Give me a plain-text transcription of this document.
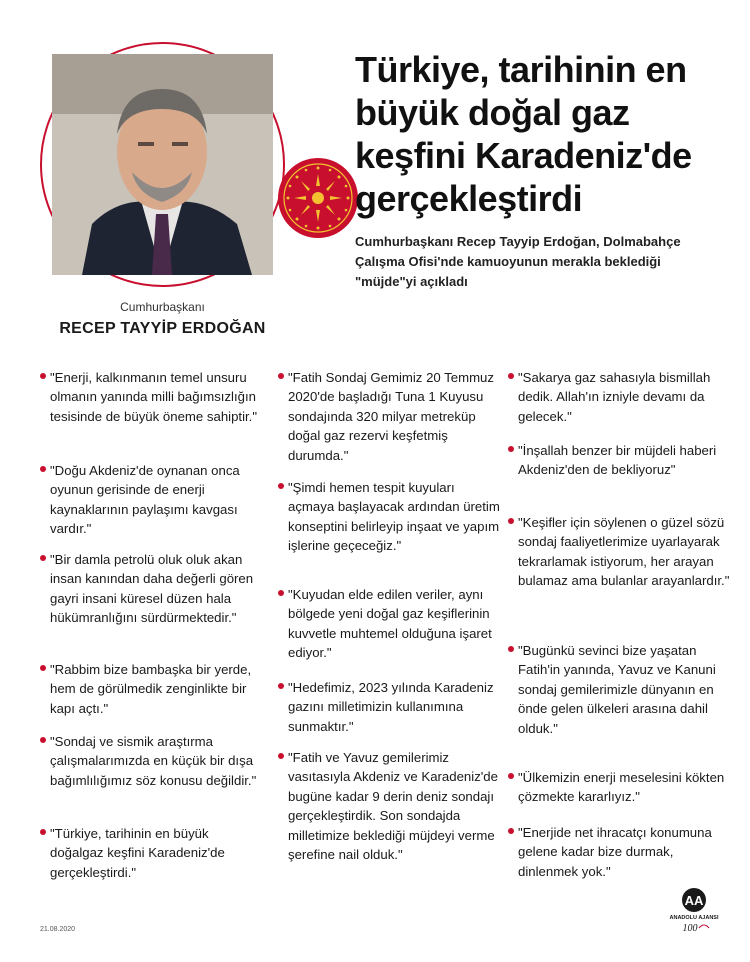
Cumhurbaşkanı
RECEP TAYYİP ERDOĞAN
Türkiye, tarihinin en büyük doğal gaz keşfini Karadeniz'de gerçekleştirdi

Cumhurbaşkanı Recep Tayyip Erdoğan, Dolmabahçe Çalışma Ofisi'nde kamuoyunun merakla beklediği "müjde"yi açıkladı

"Enerji, kalkınmanın temel unsuru olmanın yanında milli bağımsızlığın tesisinde de büyük öneme sahiptir."

"Doğu Akdeniz'de oynanan onca oyunun gerisinde de enerji kaynaklarının paylaşımı kavgası vardır."

"Bir damla petrolü oluk oluk akan insan kanından daha değerli gören gayri insani küresel düzen hala hükümranlığını sürdürmektedir."

"Rabbim bize bambaşka bir yerde, hem de görülmedik zenginlikte bir kapı açtı."

"Sondaj ve sismik araştırma çalışmalarımızda en küçük bir dışa bağımlılığımız söz konusu değildir."

"Türkiye, tarihinin en büyük doğalgaz keşfini Karadeniz'de gerçekleştirdi."

"Fatih Sondaj Gemimiz 20 Temmuz 2020'de başladığı Tuna 1 Kuyusu sondajında 320 milyar metreküp doğal gaz rezervi keşfetmiş durumda."

"Şimdi hemen tespit kuyuları açmaya başlayacak ardından üretim konseptini belirleyip inşaat ve yapım işlerine geçeceğiz."

"Kuyudan elde edilen veriler, aynı bölgede yeni doğal gaz keşiflerinin kuvvetle muhtemel olduğuna işaret ediyor."

"Hedefimiz, 2023 yılında Karadeniz gazını milletimizin kullanımına sunmaktır."

"Fatih ve Yavuz gemilerimiz vasıtasıyla Akdeniz ve Karadeniz'de bugüne kadar 9 derin deniz sondajı gerçekleştirdik. Son sondajda milletimize beklediği müjdeyi verme şerefine nail olduk."

"Sakarya gaz sahasıyla bismillah dedik. Allah'ın izniyle devamı da gelecek."

"İnşallah benzer bir müjdeli haberi Akdeniz'den de bekliyoruz"

"Keşifler için söylenen o güzel sözü sondaj faaliyetlerimize uyarlayarak tekrarlamak istiyorum, her arayan bulamaz ama bulanlar arayanlardır."

"Bugünkü sevinci bize yaşatan Fatih'in yanında, Yavuz ve Kanuni sondaj gemilerimizle dünyanın en önde gelen ülkeleri arasına dahil olduk."

"Ülkemizin enerji meselesini kökten çözmekte kararlıyız."

"Enerjide net ihracatçı konumuna gelene kadar bize durmak, dinlenmek yok."

21.08.2020
AA
ANADOLU AJANSI
100
